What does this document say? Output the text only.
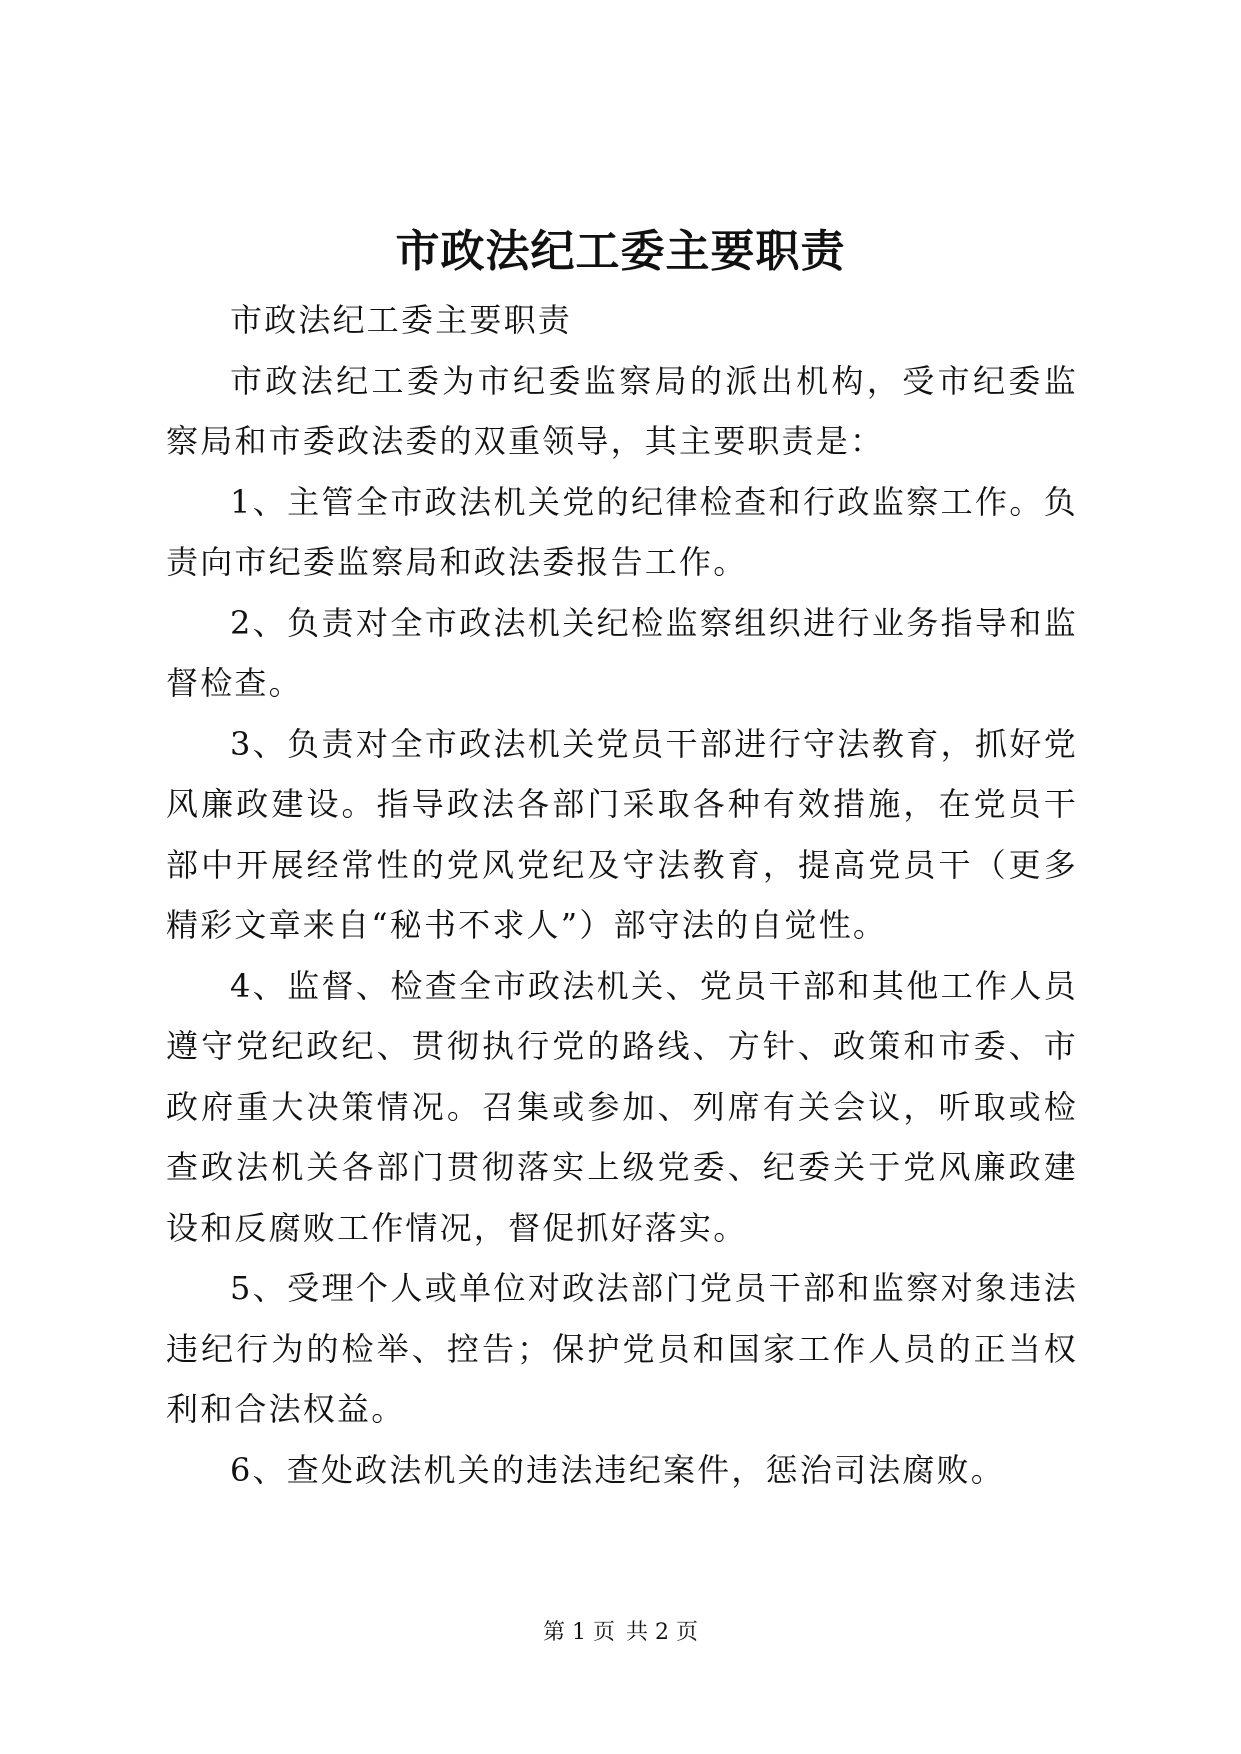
市政法纪工委主要职责

市政法纪工委主要职责

市政法纪工委为市纪委监察局的派出机构，受市纪委监察局和市委政法委的双重领导，其主要职责是：

1、主管全市政法机关党的纪律检查和行政监察工作。负责向市纪委监察局和政法委报告工作。

2、负责对全市政法机关纪检监察组织进行业务指导和监督检查。

3、负责对全市政法机关党员干部进行守法教育，抓好党风廉政建设。指导政法各部门采取各种有效措施，在党员干部中开展经常性的党风党纪及守法教育，提高党员干（更多精彩文章来自“秘书不求人”）部守法的自觉性。

4、监督、检查全市政法机关、党员干部和其他工作人员遵守党纪政纪、贯彻执行党的路线、方针、政策和市委、市政府重大决策情况。召集或参加、列席有关会议，听取或检查政法机关各部门贯彻落实上级党委、纪委关于党风廉政建设和反腐败工作情况，督促抓好落实。

5、受理个人或单位对政法部门党员干部和监察对象违法违纪行为的检举、控告；保护党员和国家工作人员的正当权利和合法权益。

6、查处政法机关的违法违纪案件，惩治司法腐败。

第 1 页 共 2 页
